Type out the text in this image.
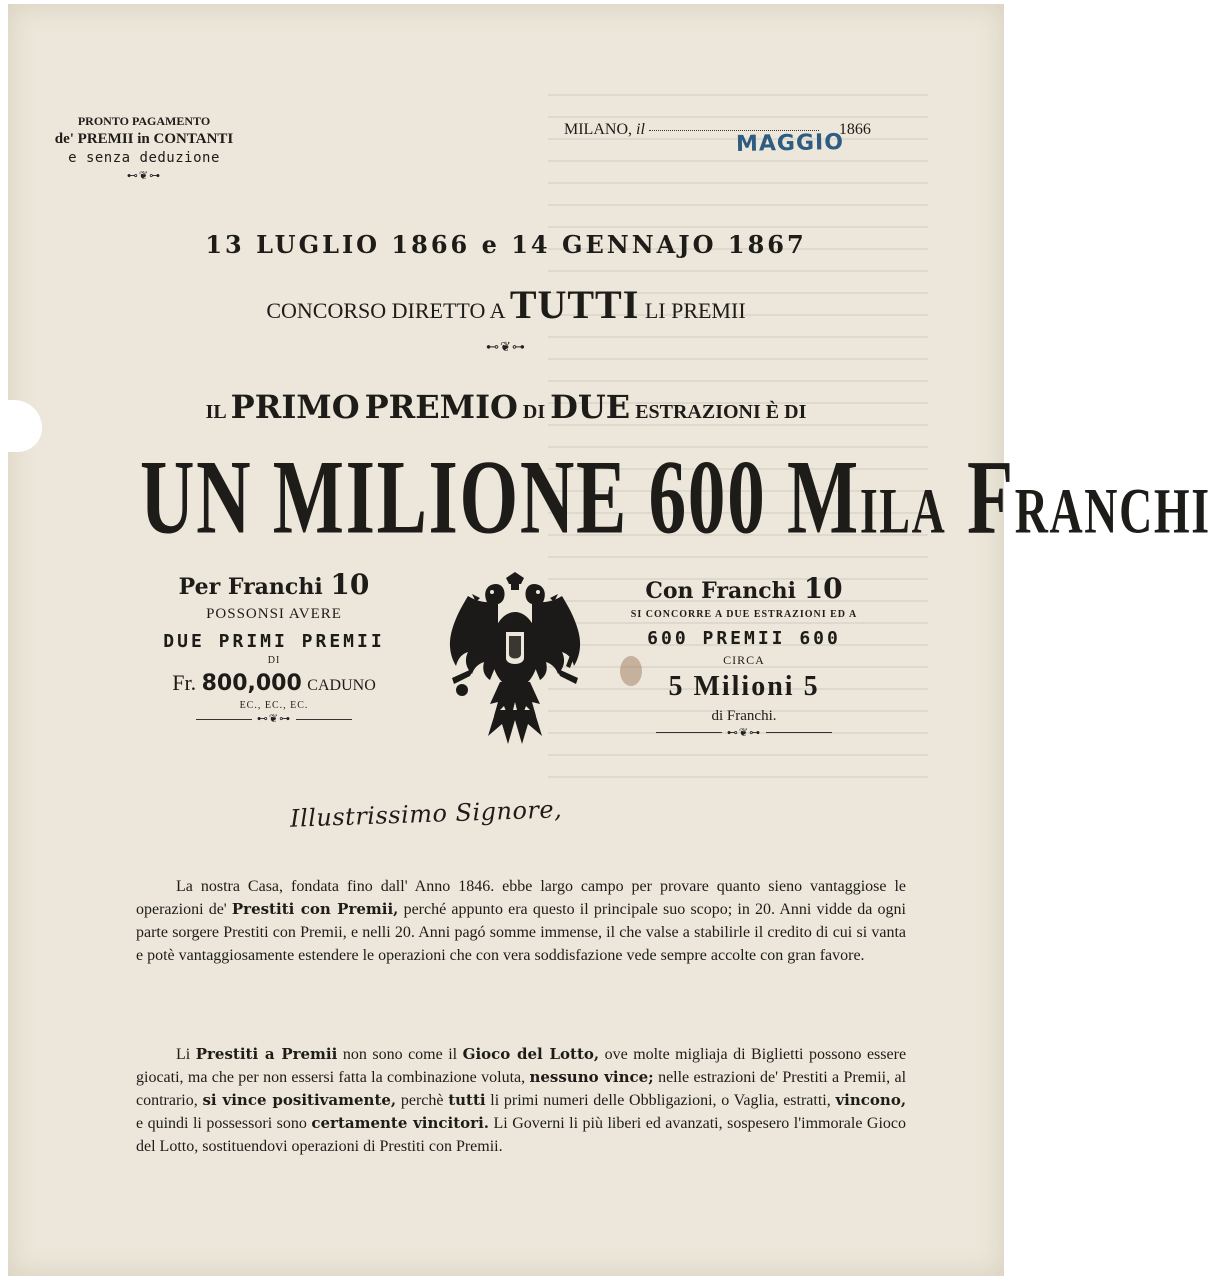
PRONTO PAGAMENTO
de' PREMII in CONTANTI
e senza deduzione
⊷❦⊶
MILANO, il	1866
MAGGIO
13 LUGLIO 1866 e 14 GENNAJO 1867
CONCORSO DIRETTO A TUTTI LI PREMII
⊷❦⊶
IL PRIMO PREMIO DI DUE ESTRAZIONI È DI
UN MILIONE 600 MILA FRANCHI
Per Franchi 10
POSSONSI AVERE
DUE PRIMI PREMII
DI
Fr. 800,000 CADUNO
EC., EC., EC.
⊷❦⊶
Con Franchi 10
SI CONCORRE A DUE ESTRAZIONI ED A
600 PREMII 600
CIRCA
5 Milioni 5
di Franchi.
⊷❦⊶
Illustrissimo Signore,

La nostra Casa, fondata fino dall' Anno 1846. ebbe largo campo per provare quanto sieno vantaggiose le operazioni de' Prestiti con Premii, perché appunto era questo il principale suo scopo; in 20. Anni vidde da ogni parte sorgere Prestiti con Premii, e nelli 20. Anni pagó somme immense, il che valse a stabilirle il credito di cui si vanta e potè vantaggiosamente estendere le operazioni che con vera soddisfazione vede sempre accolte con gran favore.

Li Prestiti a Premii non sono come il Gioco del Lotto, ove molte migliaja di Biglietti possono essere giocati, ma che per non essersi fatta la combinazione voluta, nessuno vince; nelle estrazioni de' Prestiti a Premii, al contrario, si vince positivamente, perchè tutti li primi numeri delle Obbligazioni, o Vaglia, estratti, vincono, e quindi li possessori sono certamente vincitori. Li Governi li più liberi ed avanzati, sospesero l'immorale Gioco del Lotto, sostituendovi operazioni di Prestiti con Premii.
